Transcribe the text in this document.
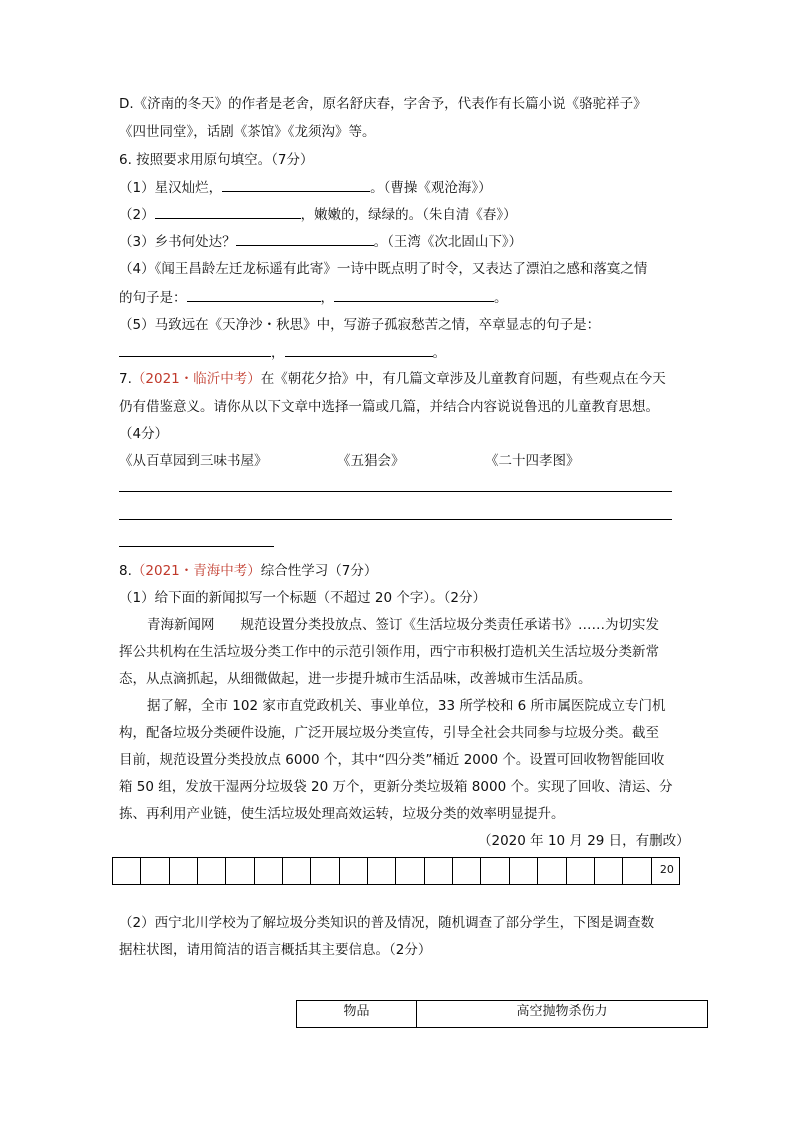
D.《济南的冬天》的作者是老舍，原名舒庆春，字舍予，代表作有长篇小说《骆驼祥子》
《四世同堂》，话剧《茶馆》《龙须沟》等。
6. 按照要求用原句填空。（7分）
（1）星汉灿烂，	。（曹操《观沧海》）
（2）	，嫩嫩的，绿绿的。（朱自清《春》）
（3）乡书何处达？	。（王湾《次北固山下》）
（4）《闻王昌龄左迁龙标遥有此寄》一诗中既点明了时令，又表达了漂泊之感和落寞之情
的句子是：	，	。
（5）马致远在《天净沙・秋思》中，写游子孤寂愁苦之情，卒章显志的句子是：
，	。
7.（2021・临沂中考）在《朝花夕拾》中，有几篇文章涉及儿童教育问题，有些观点在今天
仍有借鉴意义。请你从以下文章中选择一篇或几篇，并结合内容说说鲁迅的儿童教育思想。
（4分）
《从百草园到三味书屋》	《五猖会》	《二十四孝图》
8.（2021・青海中考）综合性学习（7分）
（1）给下面的新闻拟写一个标题（不超过 20 个字）。（2分）
青海新闻网 规范设置分类投放点、签订《生活垃圾分类责任承诺书》……为切实发
挥公共机构在生活垃圾分类工作中的示范引领作用，西宁市积极打造机关生活垃圾分类新常
态，从点滴抓起，从细微做起，进一步提升城市生活品味，改善城市生活品质。
据了解，全市 102 家市直党政机关、事业单位，33 所学校和 6 所市属医院成立专门机
构，配备垃圾分类硬件设施，广泛开展垃圾分类宣传，引导全社会共同参与垃圾分类。截至
目前，规范设置分类投放点 6000 个，其中“四分类”桶近 2000 个。设置可回收物智能回收
箱 50 组，发放干湿两分垃圾袋 20 万个，更新分类垃圾箱 8000 个。实现了回收、清运、分
拣、再利用产业链，使生活垃圾处理高效运转，垃圾分类的效率明显提升。
（2020 年 10 月 29 日，有删改）
20
（2）西宁北川学校为了解垃圾分类知识的普及情况，随机调查了部分学生，下图是调查数
据柱状图，请用简洁的语言概括其主要信息。（2分）
物品	高空抛物杀伤力
